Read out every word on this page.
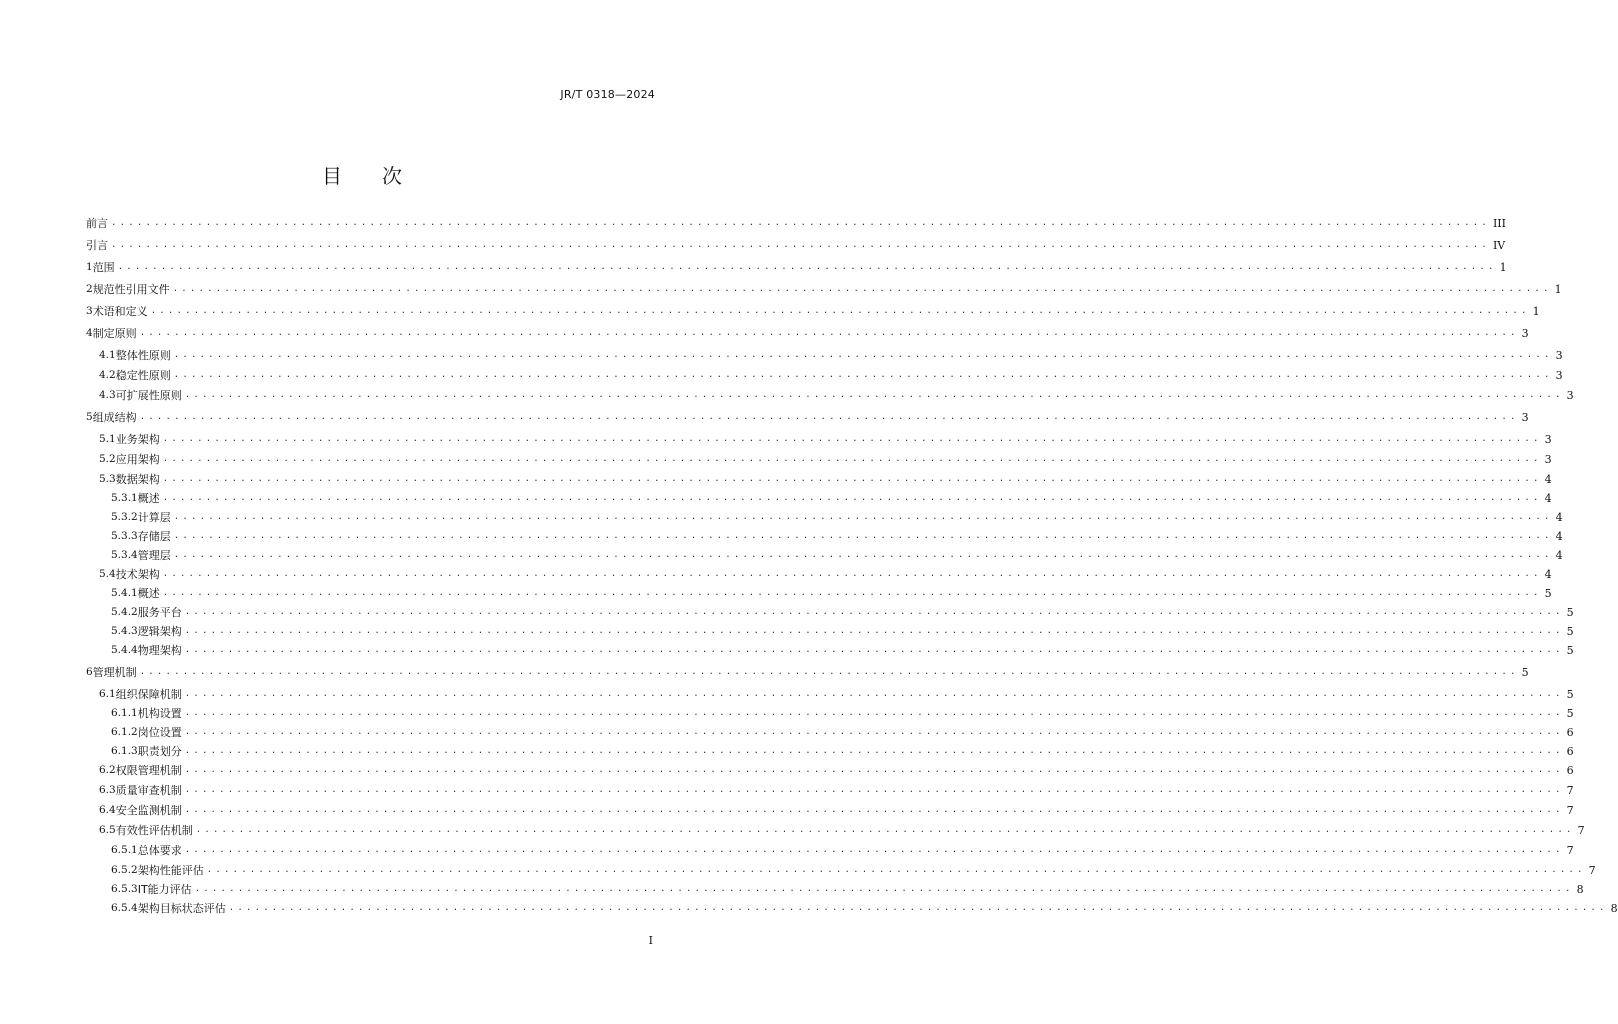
JR/T 0318—2024
目 次
前言 ................................................................................................................................................................ III
引言 ................................................................................................................................................................ IV
1 范围 ................................................................................................................................................................ 1
2 规范性引用文件 ................................................................................................................................................................ 1
3 术语和定义 ................................................................................................................................................................ 1
4 制定原则 ................................................................................................................................................................ 3
4.1 整体性原则 ................................................................................................................................................................ 3
4.2 稳定性原则 ................................................................................................................................................................ 3
4.3 可扩展性原则 ................................................................................................................................................................ 3
5 组成结构 ................................................................................................................................................................ 3
5.1 业务架构 ................................................................................................................................................................ 3
5.2 应用架构 ................................................................................................................................................................ 3
5.3 数据架构 ................................................................................................................................................................ 4
5.3.1 概述 ................................................................................................................................................................ 4
5.3.2 计算层 ................................................................................................................................................................ 4
5.3.3 存储层 ................................................................................................................................................................ 4
5.3.4 管理层 ................................................................................................................................................................ 4
5.4 技术架构 ................................................................................................................................................................ 4
5.4.1 概述 ................................................................................................................................................................ 5
5.4.2 服务平台 ................................................................................................................................................................ 5
5.4.3 逻辑架构 ................................................................................................................................................................ 5
5.4.4 物理架构 ................................................................................................................................................................ 5
6 管理机制 ................................................................................................................................................................ 5
6.1 组织保障机制 ................................................................................................................................................................ 5
6.1.1 机构设置 ................................................................................................................................................................ 5
6.1.2 岗位设置 ................................................................................................................................................................ 6
6.1.3 职责划分 ................................................................................................................................................................ 6
6.2 权限管理机制 ................................................................................................................................................................ 6
6.3 质量审查机制 ................................................................................................................................................................ 7
6.4 安全监测机制 ................................................................................................................................................................ 7
6.5 有效性评估机制 ................................................................................................................................................................ 7
6.5.1 总体要求 ................................................................................................................................................................ 7
6.5.2 架构性能评估 ................................................................................................................................................................ 7
6.5.3 IT能力评估 ................................................................................................................................................................ 8
6.5.4 架构目标状态评估 ................................................................................................................................................................ 8
I
